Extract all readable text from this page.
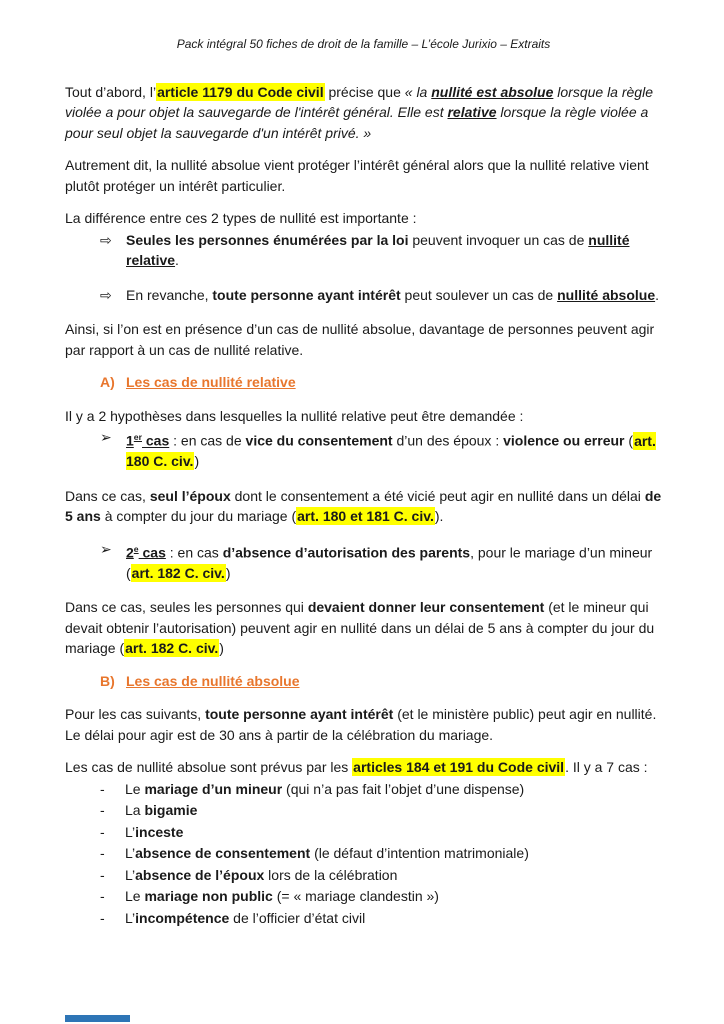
Pack intégral 50 fiches de droit de la famille – L’école Jurixio – Extraits

Tout d’abord, l’article 1179 du Code civil précise que « la nullité est absolue lorsque la règle violée a pour objet la sauvegarde de l'intérêt général. Elle est relative lorsque la règle violée a pour seul objet la sauvegarde d'un intérêt privé. »

Autrement dit, la nullité absolue vient protéger l’intérêt général alors que la nullité relative vient plutôt protéger un intérêt particulier.

La différence entre ces 2 types de nullité est importante :

⇨	Seules les personnes énumérées par la loi peuvent invoquer un cas de nullité relative.
⇨	En revanche, toute personne ayant intérêt peut soulever un cas de nullité absolue.

Ainsi, si l’on est en présence d’un cas de nullité absolue, davantage de personnes peuvent agir par rapport à un cas de nullité relative.

A) Les cas de nullité relative

Il y a 2 hypothèses dans lesquelles la nullité relative peut être demandée :

➢	1er cas : en cas de vice du consentement d’un des époux : violence ou erreur (art. 180 C. civ.)

Dans ce cas, seul l’époux dont le consentement a été vicié peut agir en nullité dans un délai de 5 ans à compter du jour du mariage (art. 180 et 181 C. civ.).

➢	2e cas : en cas d’absence d’autorisation des parents, pour le mariage d’un mineur (art. 182 C. civ.)

Dans ce cas, seules les personnes qui devaient donner leur consentement (et le mineur qui devait obtenir l’autorisation) peuvent agir en nullité dans un délai de 5 ans à compter du jour du mariage (art. 182 C. civ.)

B) Les cas de nullité absolue

Pour les cas suivants, toute personne ayant intérêt (et le ministère public) peut agir en nullité. Le délai pour agir est de 30 ans à partir de la célébration du mariage.

Les cas de nullité absolue sont prévus par les articles 184 et 191 du Code civil. Il y a 7 cas :

-	Le mariage d’un mineur (qui n’a pas fait l’objet d’une dispense)
-	La bigamie
-	L’inceste
-	L’absence de consentement (le défaut d’intention matrimoniale)
-	L’absence de l’époux lors de la célébration
-	Le mariage non public (= « mariage clandestin »)
-	L’incompétence de l’officier d’état civil
